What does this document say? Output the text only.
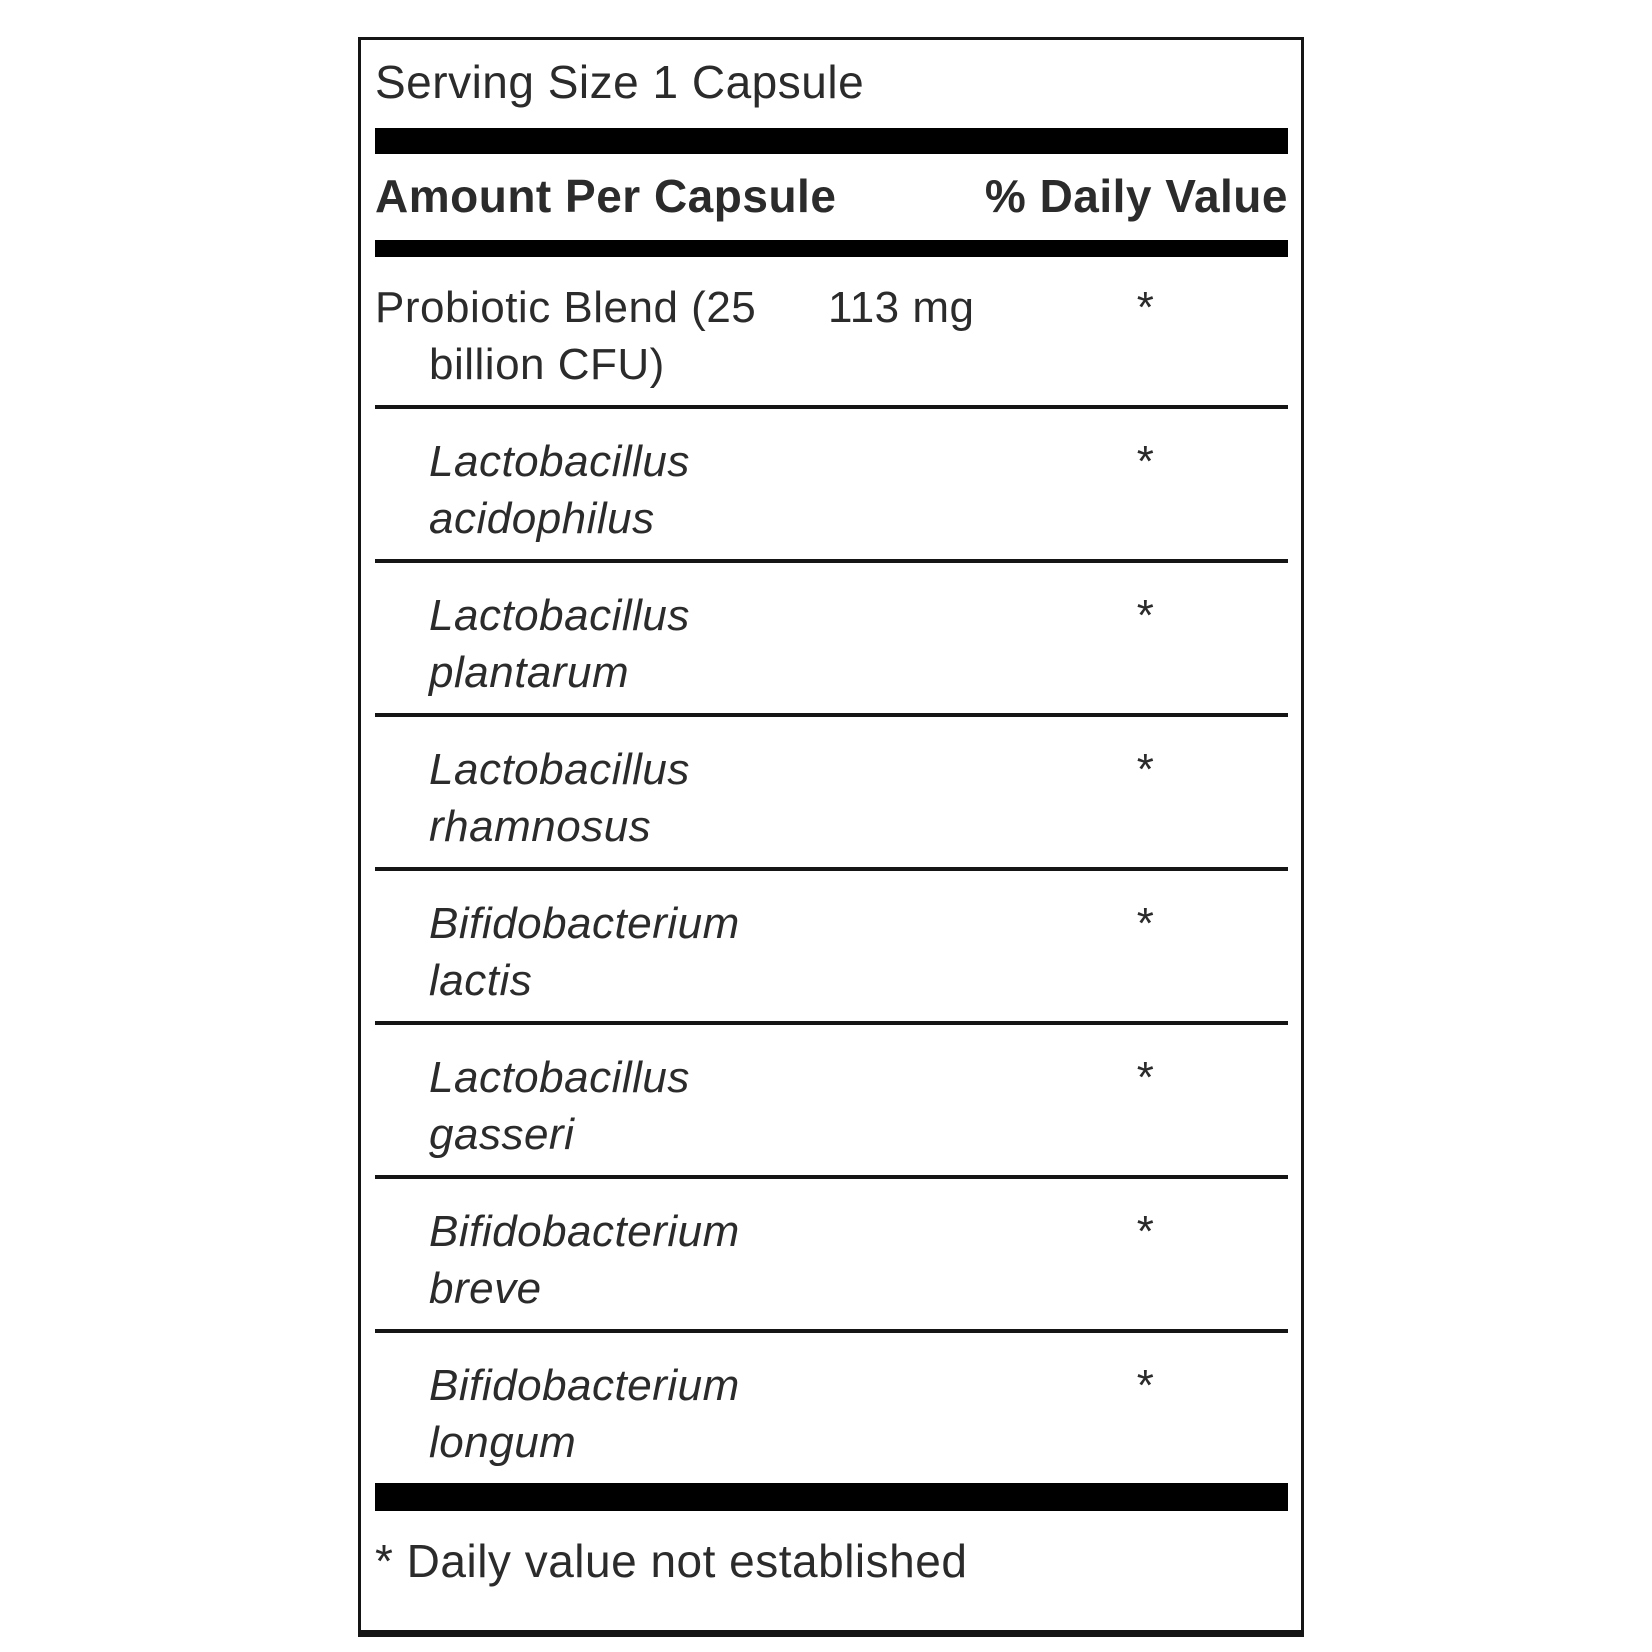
Serving Size 1 Capsule
Amount Per Capsule	% Daily Value
Probiotic Blend (25
billion CFU)
113 mg	*
Lactobacillus
acidophilus
*
Lactobacillus
plantarum
*
Lactobacillus
rhamnosus
*
Bifidobacterium
lactis
*
Lactobacillus
gasseri
*
Bifidobacterium
breve
*
Bifidobacterium
longum
*
* Daily value not established
